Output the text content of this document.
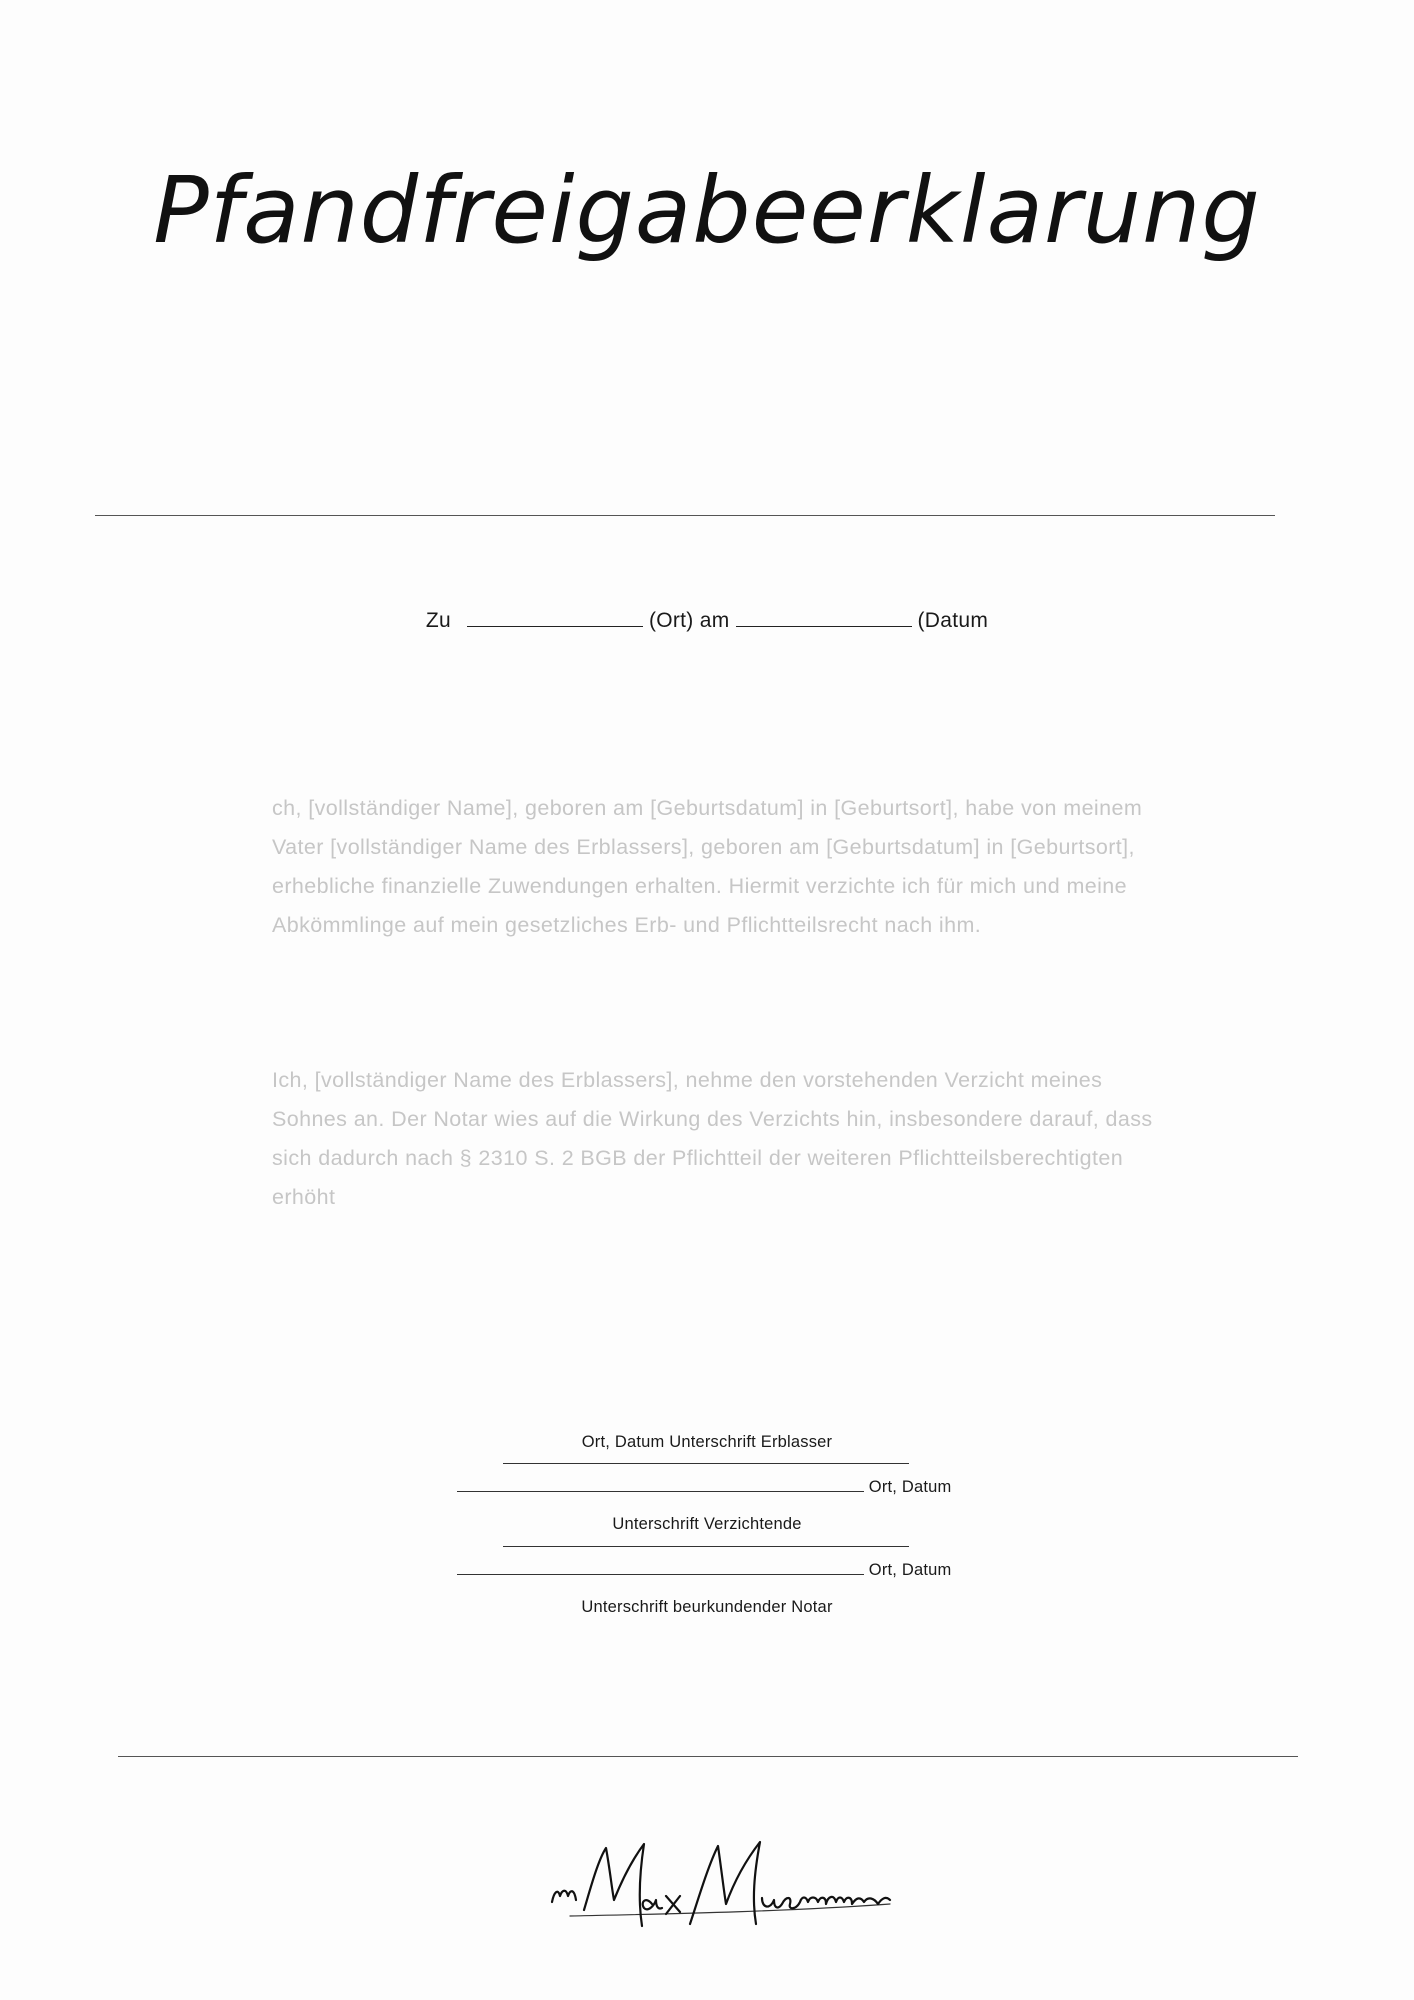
Pfandfreigabeerklarung
Zu	(Ort) am	(Datum
ch, [vollständiger Name], geboren am [Geburtsdatum] in [Geburtsort], habe von meinem Vater [vollständiger Name des Erblassers], geboren am [Geburtsdatum] in [Geburtsort], erhebliche finanzielle Zuwendungen erhalten. Hiermit verzichte ich für mich und meine Abkömmlinge auf mein gesetzliches Erb- und Pflichtteilsrecht nach ihm.
Ich, [vollständiger Name des Erblassers], nehme den vorstehenden Verzicht meines Sohnes an. Der Notar wies auf die Wirkung des Verzichts hin, insbesondere darauf, dass sich dadurch nach § 2310 S. 2 BGB der Pflichtteil der weiteren Pflichtteilsberechtigten erhöht
Ort, Datum Unterschrift Erblasser
Ort, Datum
Unterschrift Verzichtende
Ort, Datum
Unterschrift beurkundender Notar
